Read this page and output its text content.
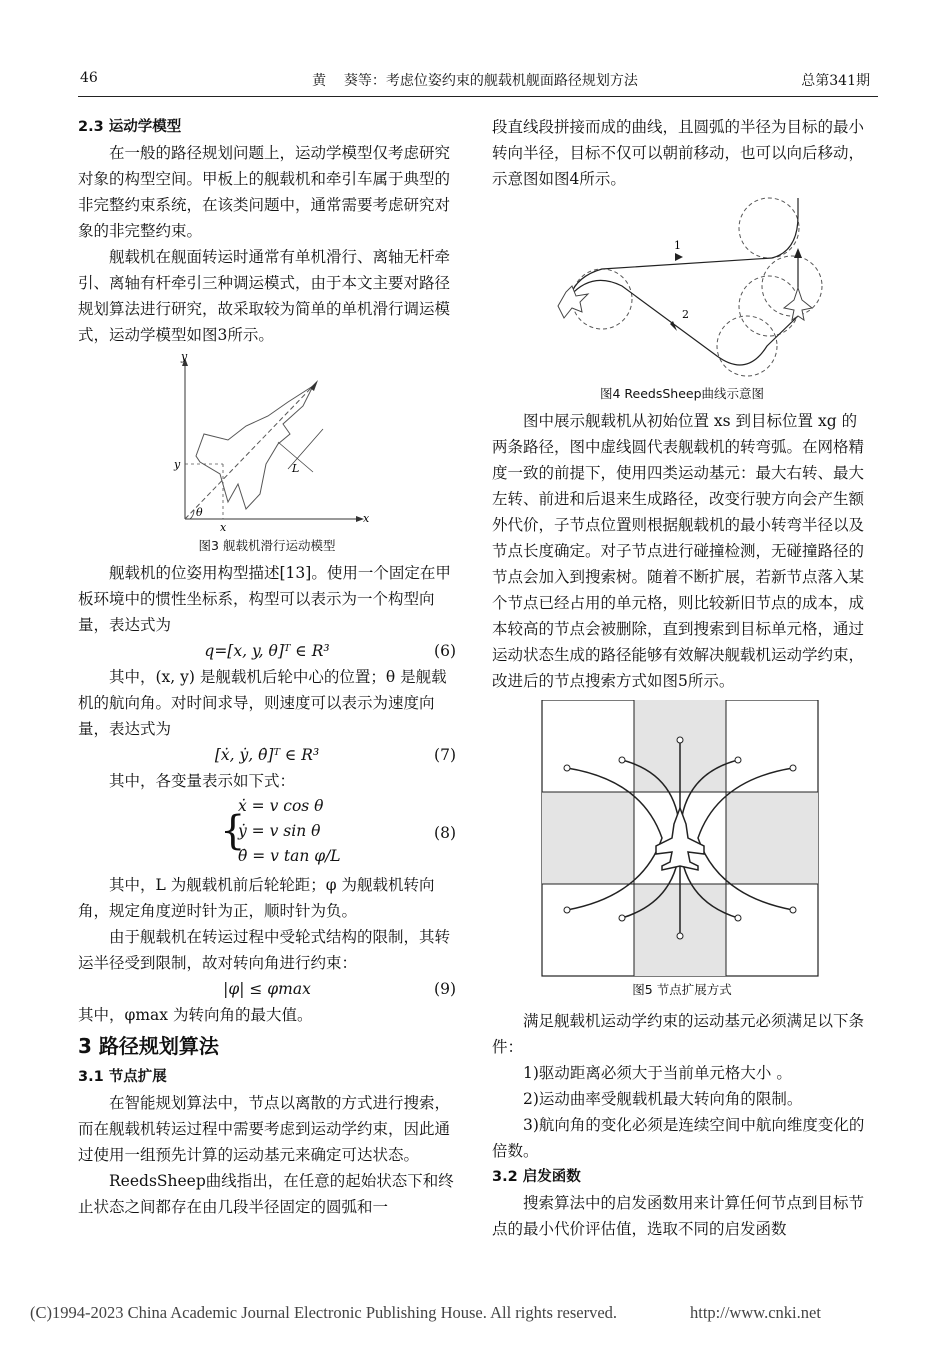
46	黄    葵等：考虑位姿约束的舰载机舰面路径规划方法	总第341期

2.3 运动学模型

在一般的路径规划问题上，运动学模型仅考虑研究对象的构型空间。甲板上的舰载机和牵引车属于典型的非完整约束系统，在该类问题中，通常需要考虑研究对象的非完整约束。

舰载机在舰面转运时通常有单机滑行、离轴无杆牵引、离轴有杆牵引三种调运模式，由于本文主要对路径规划算法进行研究，故采取较为简单的单机滑行调运模式，运动学模型如图3所示。

y
x
y
x
θ
L
图3 舰载机滑行运动模型

舰载机的位姿用构型描述[13]。使用一个固定在甲板环境中的惯性坐标系，构型可以表示为一个构型向量，表达式为

q=[x, y, θ]ᵀ ∈ R³	(6)

其中，(x, y) 是舰载机后轮中心的位置；θ 是舰载机的航向角。对时间求导，则速度可以表示为速度向量，表达式为

[ẋ, ẏ, θ̇]ᵀ ∈ R³	(7)

其中，各变量表示如下式：

{
ẋ = v cos θ
ẏ = v sin θ
θ̇ = v tan φ/L
(8)

其中，L 为舰载机前后轮轮距；φ 为舰载机转向角，规定角度逆时针为正，顺时针为负。

由于舰载机在转运过程中受轮式结构的限制，其转运半径受到限制，故对转向角进行约束：

|φ| ≤ φmax	(9)

其中，φmax 为转向角的最大值。

3 路径规划算法

3.1 节点扩展

在智能规划算法中，节点以离散的方式进行搜索，而在舰载机转运过程中需要考虑到运动学约束，因此通过使用一组预先计算的运动基元来确定可达状态。

ReedsSheep曲线指出，在任意的起始状态下和终止状态之间都存在由几段半径固定的圆弧和一

段直线段拼接而成的曲线，且圆弧的半径为目标的最小转向半径，目标不仅可以朝前移动，也可以向后移动，示意图如图4所示。

1
2
图4 ReedsSheep曲线示意图

图中展示舰载机从初始位置 xs 到目标位置 xg 的两条路径，图中虚线圆代表舰载机的转弯弧。在网格精度一致的前提下，使用四类运动基元：最大右转、最大左转、前进和后退来生成路径，改变行驶方向会产生额外代价，子节点位置则根据舰载机的最小转弯半径以及节点长度确定。对子节点进行碰撞检测，无碰撞路径的节点会加入到搜索树。随着不断扩展，若新节点落入某个节点已经占用的单元格，则比较新旧节点的成本，成本较高的节点会被删除，直到搜索到目标单元格，通过运动状态生成的路径能够有效解决舰载机运动学约束，改进后的节点搜索方式如图5所示。

图5 节点扩展方式

满足舰载机运动学约束的运动基元必须满足以下条件：

1)驱动距离必须大于当前单元格大小 。

2)运动曲率受舰载机最大转向角的限制。

3)航向角的变化必须是连续空间中航向维度变化的倍数。

3.2 启发函数

搜索算法中的启发函数用来计算任何节点到目标节点的最小代价评估值，选取不同的启发函数

(C)1994-2023 China Academic Journal Electronic Publishing House. All rights reserved.	http://www.cnki.net
